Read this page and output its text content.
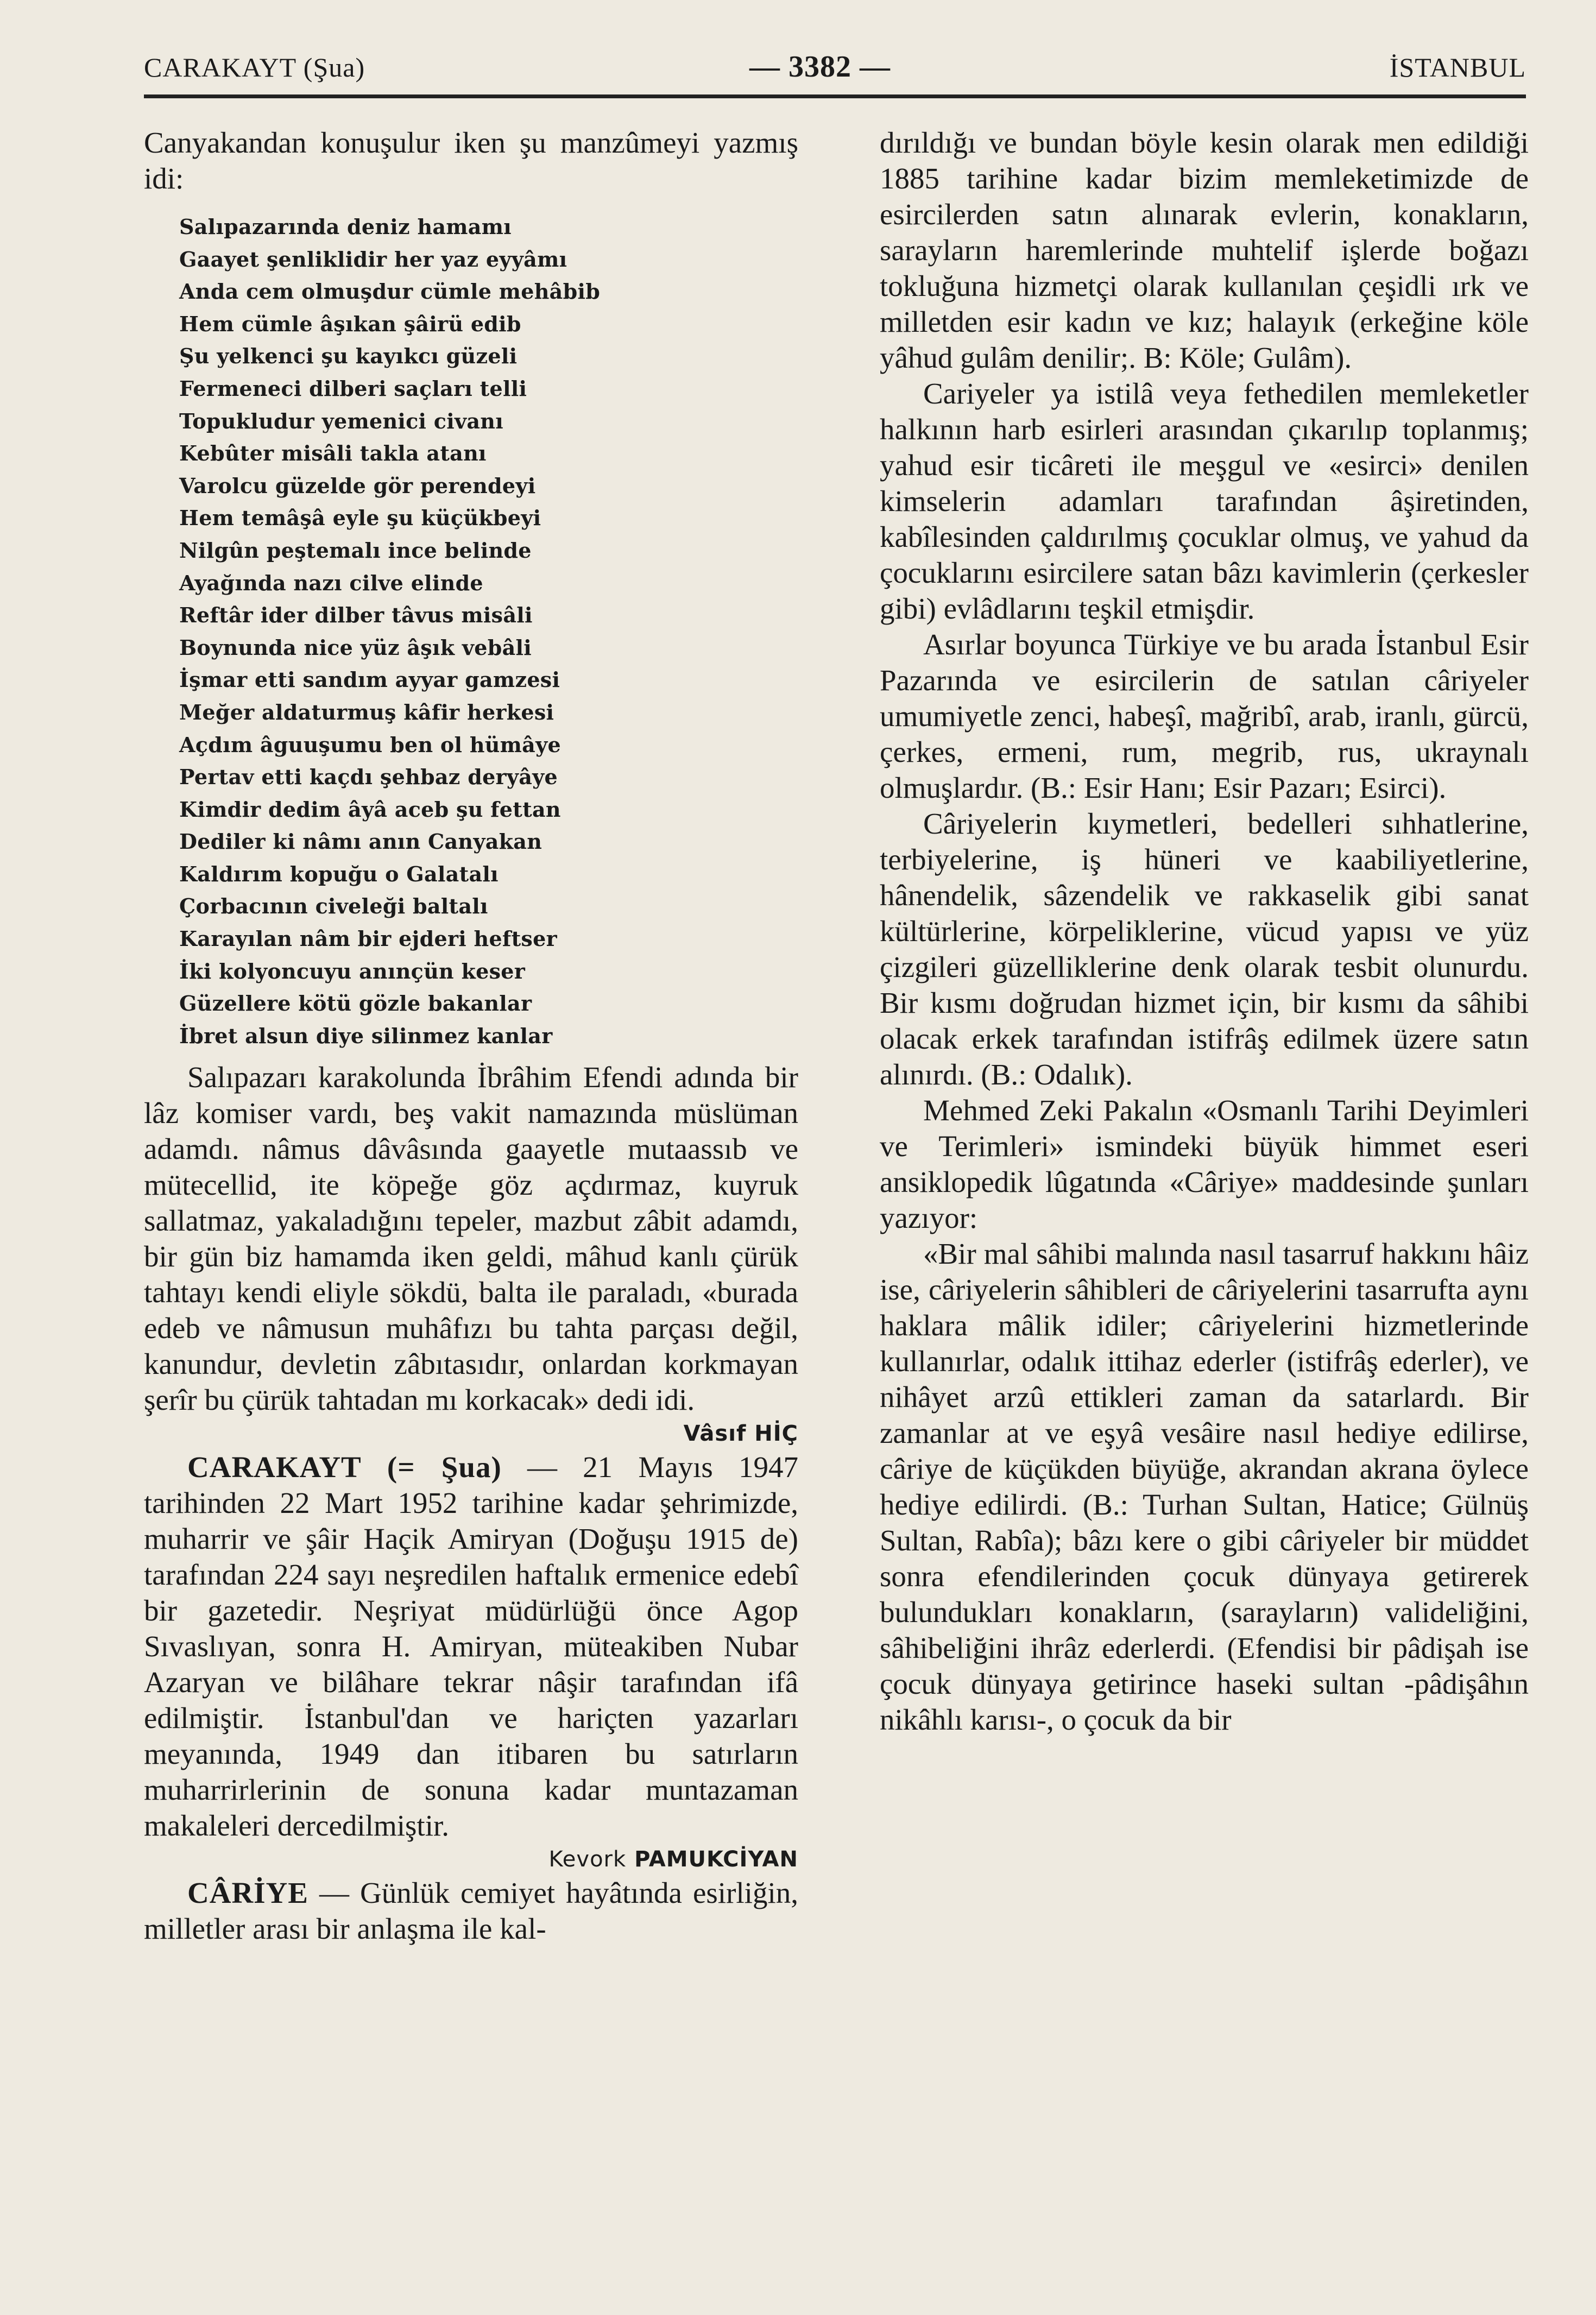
CARAKAYT (Şua)	— 3382 —	İSTANBUL

Canyakandan konuşulur iken şu manzûmeyi yazmış idi:

Salıpazarında deniz hamamı
Gaayet şenliklidir her yaz eyyâmı
Anda cem olmuşdur cümle mehâbib
Hem cümle âşıkan şâirü edib
Şu yelkenci şu kayıkcı güzeli
Fermeneci dilberi saçları telli
Topukludur yemenici civanı
Kebûter misâli takla atanı
Varolcu güzelde gör perendeyi
Hem temâşâ eyle şu küçükbeyi
Nilgûn peştemalı ince belinde
Ayağında nazı cilve elinde
Reftâr ider dilber tâvus misâli
Boynunda nice yüz âşık vebâli
İşmar etti sandım ayyar gamzesi
Meğer aldaturmuş kâfir herkesi
Açdım âguuşumu ben ol hümâye
Pertav etti kaçdı şehbaz deryâye
Kimdir dedim âyâ aceb şu fettan
Dediler ki nâmı anın Canyakan
Kaldırım kopuğu o Galatalı
Çorbacının civeleği baltalı
Karayılan nâm bir ejderi heftser
İki kolyoncuyu anınçün keser
Güzellere kötü gözle bakanlar
İbret alsun diye silinmez kanlar

Salıpazarı karakolunda İbrâhim Efendi adında bir lâz komiser vardı, beş vakit namazında müslüman adamdı. nâmus dâvâsında gaayetle mutaassıb ve mütecellid, ite köpeğe göz açdırmaz, kuyruk sallatmaz, yakaladığını tepeler, mazbut zâbit adamdı, bir gün biz hamamda iken geldi, mâhud kanlı çürük tahtayı kendi eliyle sökdü, balta ile paraladı, «burada edeb ve nâmusun muhâfızı bu tahta parçası değil, kanundur, devletin zâbıtasıdır, onlardan korkmayan şerîr bu çürük tahtadan mı korkacak» dedi idi.

Vâsıf HİÇ

CARAKAYT (= Şua) — 21 Mayıs 1947 tarihinden 22 Mart 1952 tarihine kadar şehrimizde, muharrir ve şâir Haçik Amiryan (Doğuşu 1915 de) tarafından 224 sayı neşredilen haftalık ermenice edebî bir gazetedir. Neşriyat müdürlüğü önce Agop Sıvaslıyan, sonra H. Amiryan, müteakiben Nubar Azaryan ve bilâhare tekrar nâşir tarafından ifâ edilmiştir. İstanbul'dan ve hariçten yazarları meyanında, 1949 dan itibaren bu satırların muharrirlerinin de sonuna kadar muntazaman makaleleri dercedilmiştir.

Kevork PAMUKCİYAN

CÂRİYE — Günlük cemiyet hayâtında esirliğin, milletler arası bir anlaşma ile kal-

dırıldığı ve bundan böyle kesin olarak men edildiği 1885 tarihine kadar bizim memleketimizde de esircilerden satın alınarak evlerin, konakların, sarayların haremlerinde muhtelif işlerde boğazı tokluğuna hizmetçi olarak kullanılan çeşidli ırk ve milletden esir kadın ve kız; halayık (erkeğine köle yâhud gulâm denilir;. B: Köle; Gulâm).

Cariyeler ya istilâ veya fethedilen memleketler halkının harb esirleri arasından çıkarılıp toplanmış; yahud esir ticâreti ile meşgul ve «esirci» denilen kimselerin adamları tarafından âşiretinden, kabîlesinden çaldırılmış çocuklar olmuş, ve yahud da çocuklarını esircilere satan bâzı kavimlerin (çerkesler gibi) evlâdlarını teşkil etmişdir.

Asırlar boyunca Türkiye ve bu arada İstanbul Esir Pazarında ve esircilerin de satılan câriyeler umumiyetle zenci, habeşî, mağribî, arab, iranlı, gürcü, çerkes, ermeni, rum, megrib, rus, ukraynalı olmuşlardır. (B.: Esir Hanı; Esir Pazarı; Esirci).

Câriyelerin kıymetleri, bedelleri sıhhatlerine, terbiyelerine, iş hüneri ve kaabiliyetlerine, hânendelik, sâzendelik ve rakkaselik gibi sanat kültürlerine, körpeliklerine, vücud yapısı ve yüz çizgileri güzelliklerine denk olarak tesbit olunurdu. Bir kısmı doğrudan hizmet için, bir kısmı da sâhibi olacak erkek tarafından istifrâş edilmek üzere satın alınırdı. (B.: Odalık).

Mehmed Zeki Pakalın «Osmanlı Tarihi Deyimleri ve Terimleri» ismindeki büyük himmet eseri ansiklopedik lûgatında «Câriye» maddesinde şunları yazıyor:

«Bir mal sâhibi malında nasıl tasarruf hakkını hâiz ise, câriyelerin sâhibleri de câriyelerini tasarrufta aynı haklara mâlik idiler; câriyelerini hizmetlerinde kullanırlar, odalık ittihaz ederler (istifrâş ederler), ve nihâyet arzû ettikleri zaman da satarlardı. Bir zamanlar at ve eşyâ vesâire nasıl hediye edilirse, câriye de küçükden büyüğe, akrandan akrana öylece hediye edilirdi. (B.: Turhan Sultan, Hatice; Gülnüş Sultan, Rabîa); bâzı kere o gibi câriyeler bir müddet sonra efendilerinden çocuk dünyaya getirerek bulundukları konakların, (sarayların) valideliğini, sâhibeliğini ihrâz ederlerdi. (Efendisi bir pâdişah ise çocuk dünyaya getirince haseki sultan -pâdişâhın nikâhlı karısı-, o çocuk da bir
